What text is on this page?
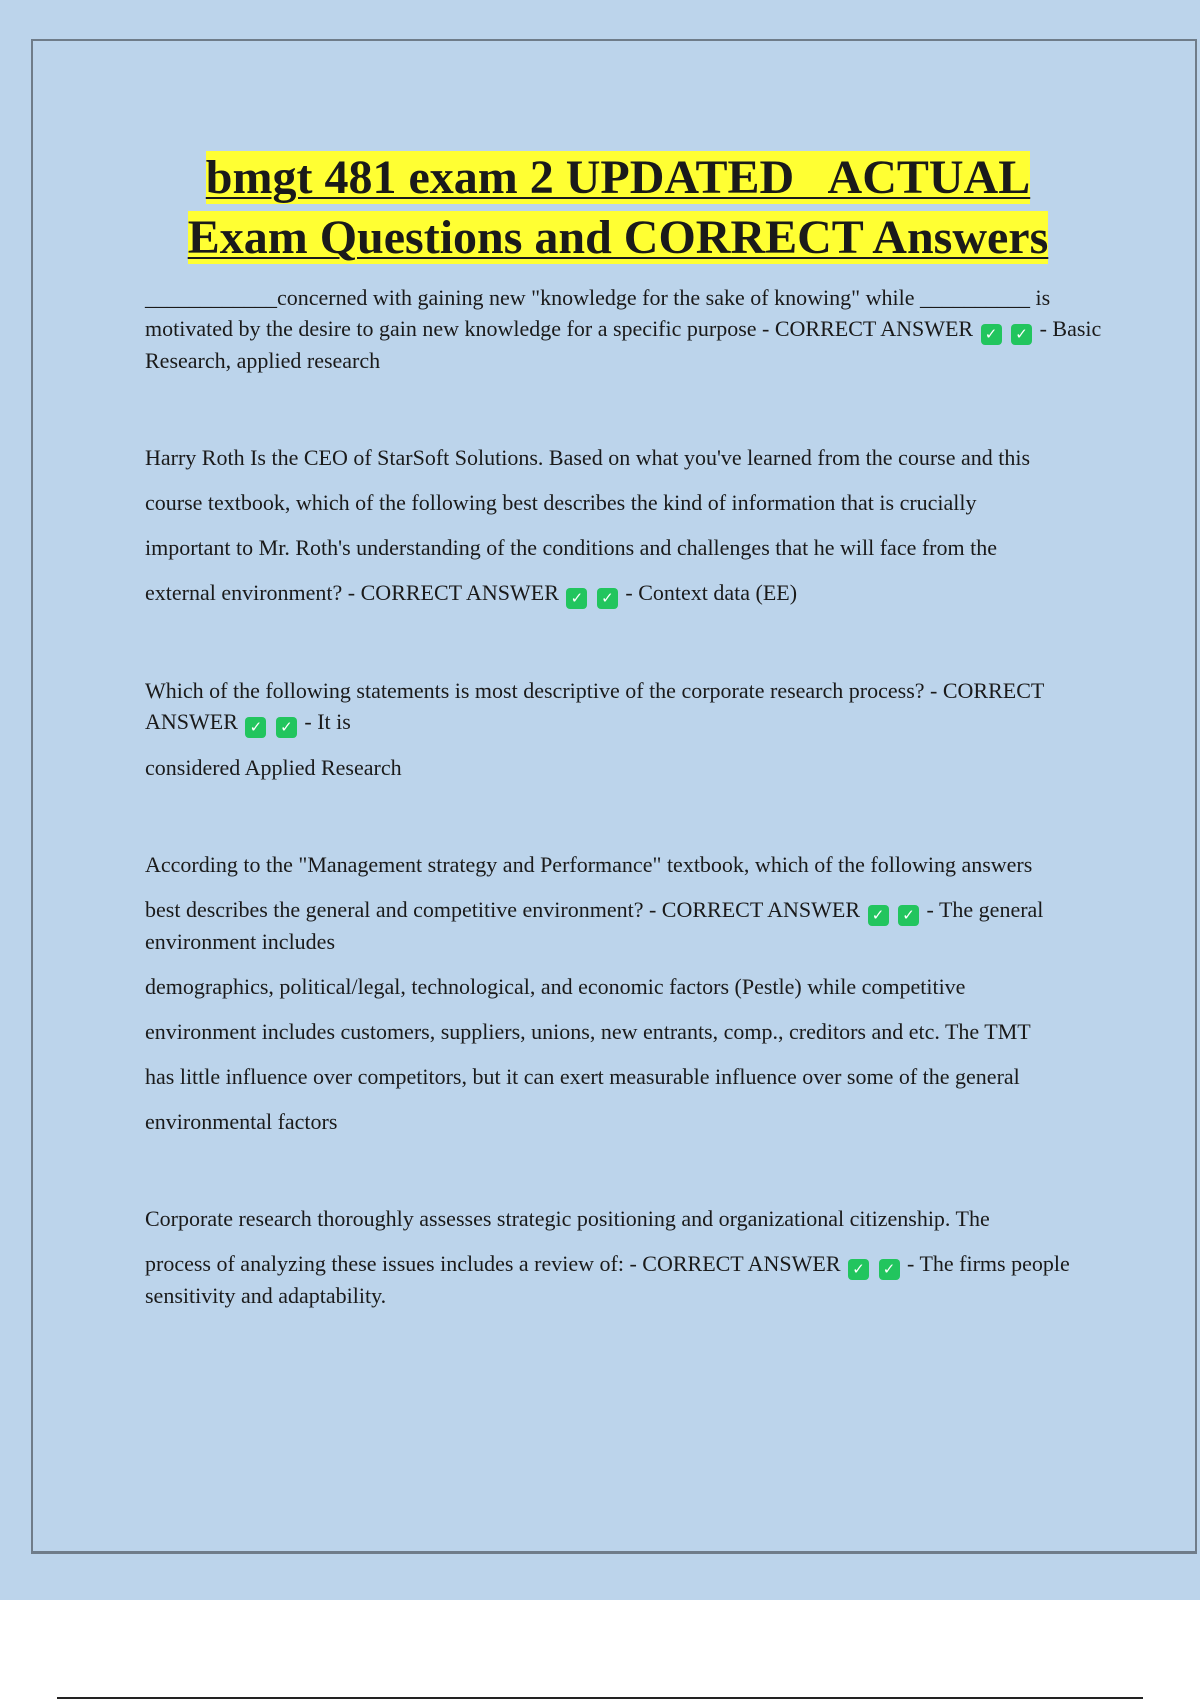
bmgt 481 exam 2 UPDATED   ACTUAL
Exam Questions and CORRECT Answers

____________concerned with gaining new "knowledge for the sake of knowing" while __________ is motivated by the desire to gain new knowledge for a specific purpose - CORRECT ANSWER ✓ ✓ - Basic Research, applied research

Harry Roth Is the CEO of StarSoft Solutions. Based on what you've learned from the course and this

course textbook, which of the following best describes the kind of information that is crucially

important to Mr. Roth's understanding of the conditions and challenges that he will face from the

external environment? - CORRECT ANSWER ✓ ✓ - Context data (EE)

Which of the following statements is most descriptive of the corporate research process? - CORRECT ANSWER ✓ ✓ - It is

considered Applied Research

According to the "Management strategy and Performance" textbook, which of the following answers

best describes the general and competitive environment? - CORRECT ANSWER ✓ ✓ - The general environment includes

demographics, political/legal, technological, and economic factors (Pestle) while competitive

environment includes customers, suppliers, unions, new entrants, comp., creditors and etc. The TMT

has little influence over competitors, but it can exert measurable influence over some of the general

environmental factors

Corporate research thoroughly assesses strategic positioning and organizational citizenship. The

process of analyzing these issues includes a review of: - CORRECT ANSWER ✓ ✓ - The firms people sensitivity and adaptability.
